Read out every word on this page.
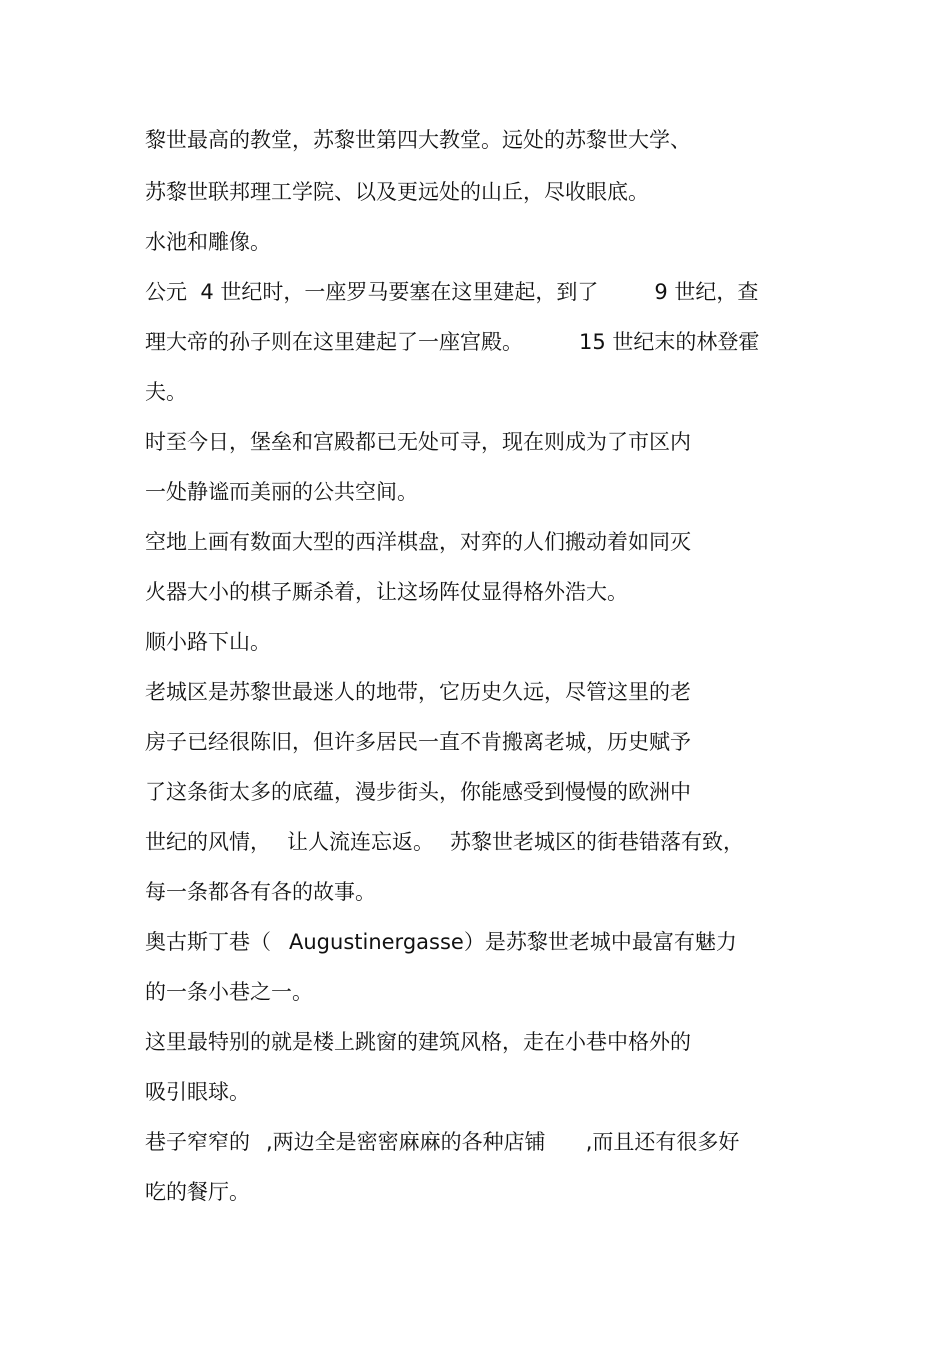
黎世最高的教堂，苏黎世第四大教堂。远处的苏黎世大学、
苏黎世联邦理工学院、以及更远处的山丘，尽收眼底。
水池和雕像。
公元  4 世纪时，一座罗马要塞在这里建起，到了	9 世纪，查
理大帝的孙子则在这里建起了一座宫殿。	15 世纪末的林登霍
夫。
时至今日，堡垒和宫殿都已无处可寻，现在则成为了市区内
一处静谧而美丽的公共空间。
空地上画有数面大型的西洋棋盘，对弈的人们搬动着如同灭
火器大小的棋子厮杀着，让这场阵仗显得格外浩大。
顺小路下山。
老城区是苏黎世最迷人的地带，它历史久远，尽管这里的老
房子已经很陈旧，但许多居民一直不肯搬离老城，历史赋予
了这条街太多的底蕴，漫步街头，你能感受到慢慢的欧洲中
世纪的风情， 让人流连忘返。 苏黎世老城区的街巷错落有致，
每一条都各有各的故事。
奥古斯丁巷（ Augustinergasse）是苏黎世老城中最富有魅力
的一条小巷之一。
这里最特别的就是楼上跳窗的建筑风格，走在小巷中格外的
吸引眼球。
巷子窄窄的 ,两边全是密密麻麻的各种店铺 ,而且还有很多好
吃的餐厅。
